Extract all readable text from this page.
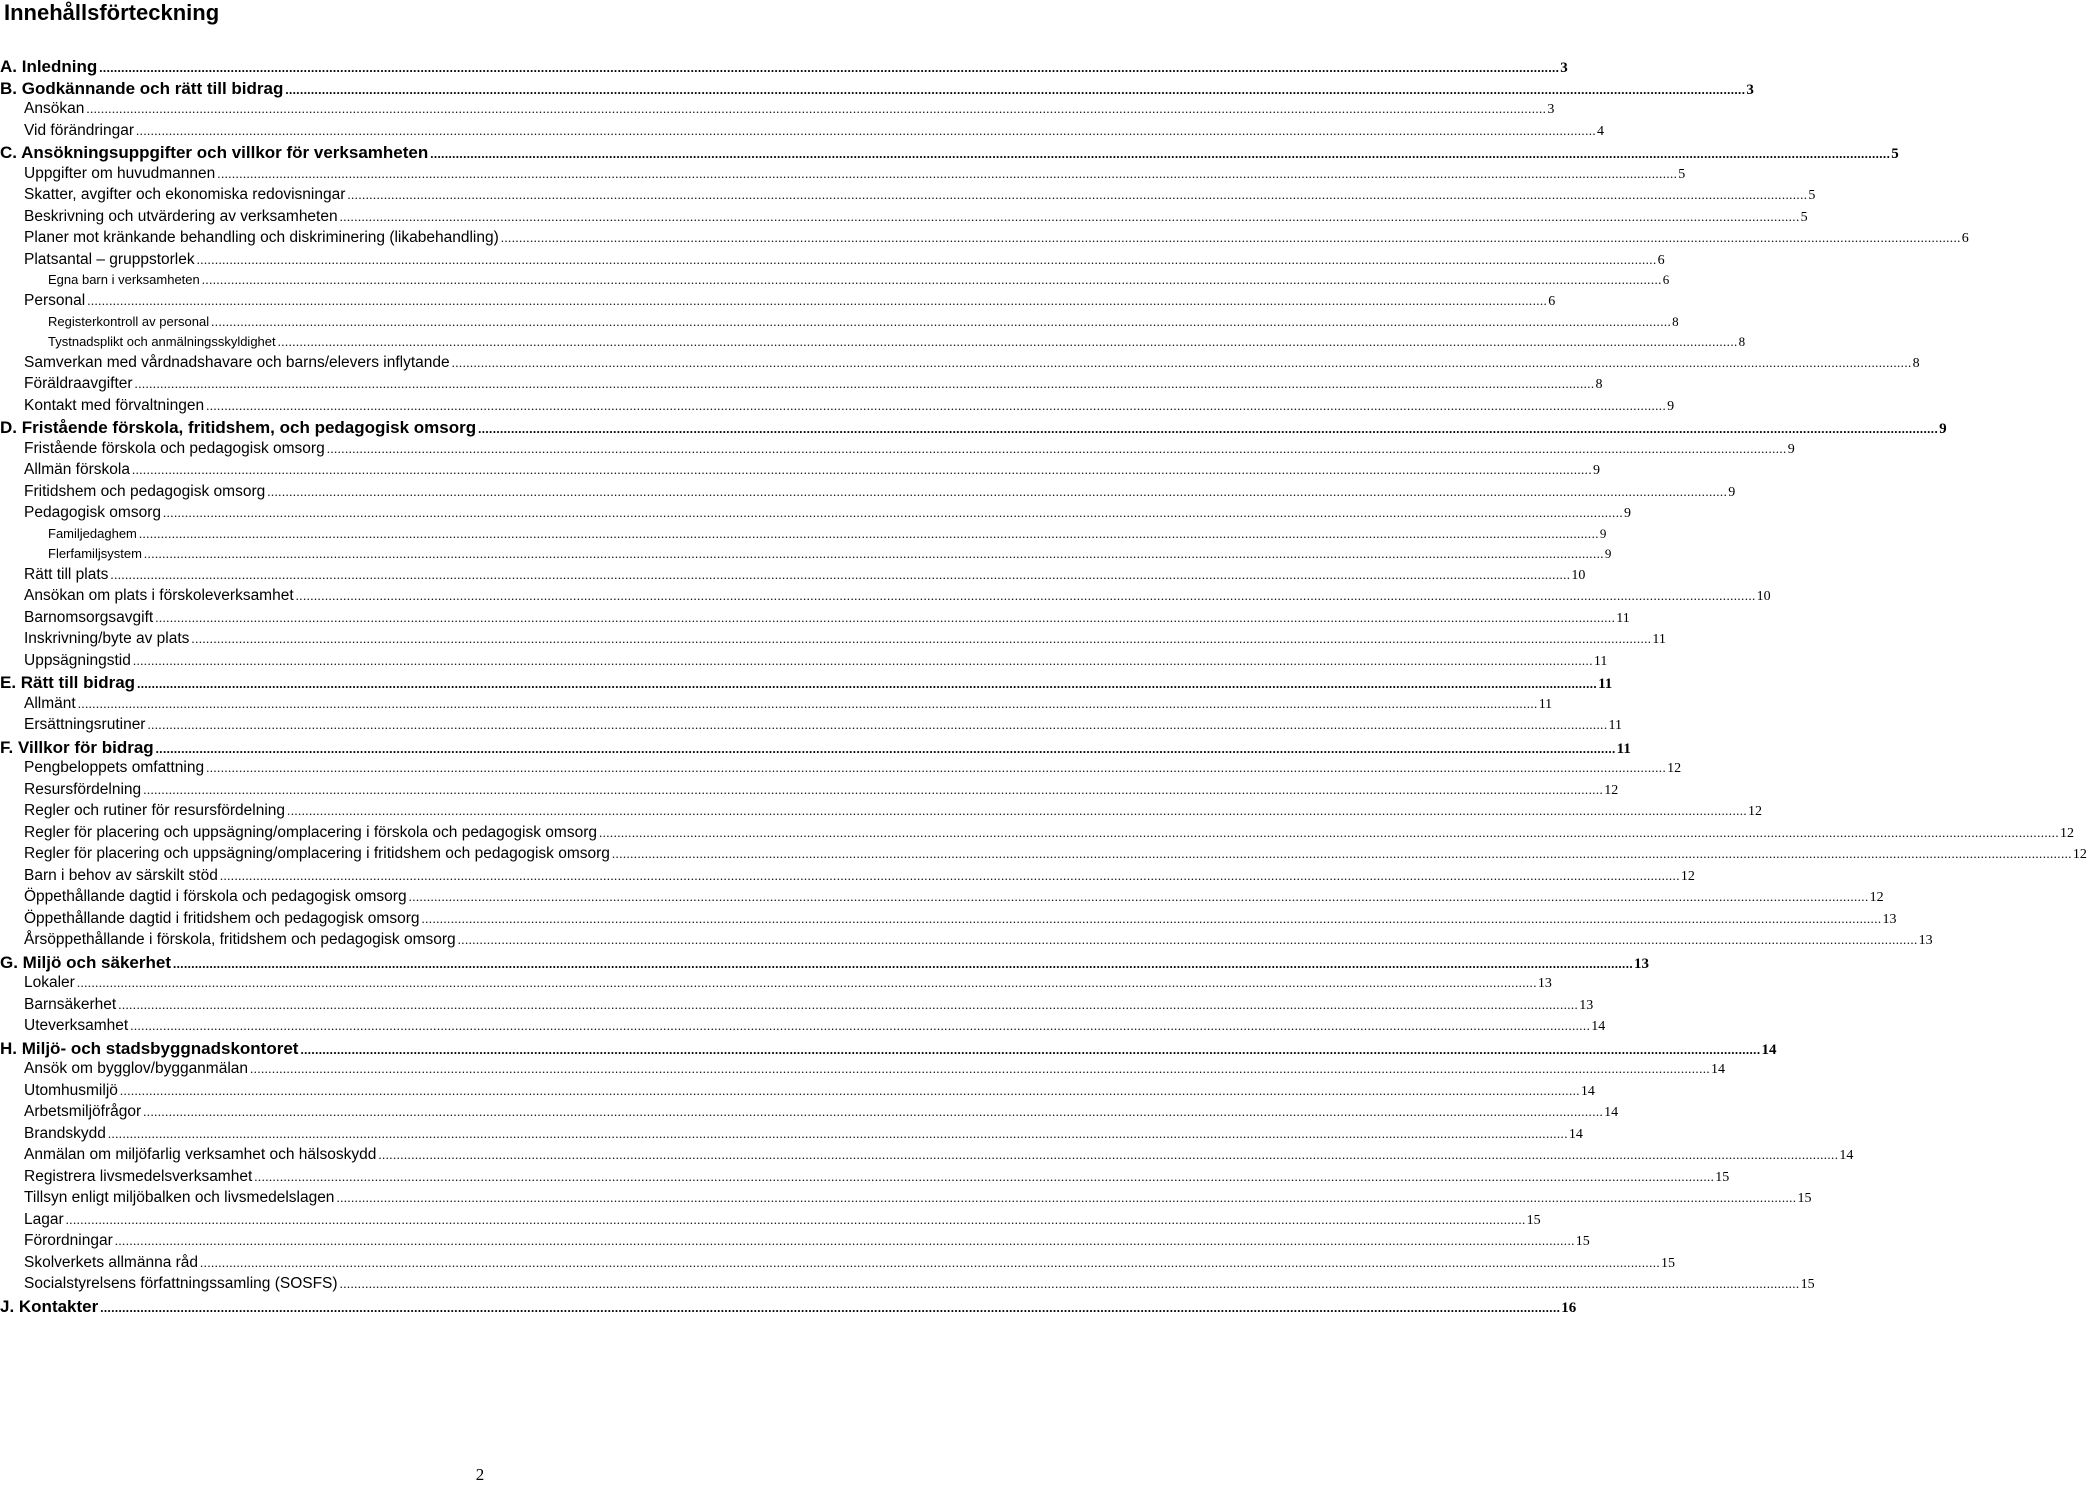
Innehållsförteckning
A. Inledning ................................................................................................................................................................................................................................................................................................................................................................................................................ 3
B. Godkännande och rätt till bidrag ................................................................................................................................................................................................................................................................................................................................................................................................................ 3
Ansökan ................................................................................................................................................................................................................................................................................................................................................................................................................ 3
Vid förändringar ................................................................................................................................................................................................................................................................................................................................................................................................................ 4
C. Ansökningsuppgifter och villkor för verksamheten ................................................................................................................................................................................................................................................................................................................................................................................................................ 5
Uppgifter om huvudmannen ................................................................................................................................................................................................................................................................................................................................................................................................................ 5
Skatter, avgifter och ekonomiska redovisningar ................................................................................................................................................................................................................................................................................................................................................................................................................ 5
Beskrivning och utvärdering av verksamheten ................................................................................................................................................................................................................................................................................................................................................................................................................ 5
Planer mot kränkande behandling och diskriminering (likabehandling) ................................................................................................................................................................................................................................................................................................................................................................................................................ 6
Platsantal – gruppstorlek ................................................................................................................................................................................................................................................................................................................................................................................................................ 6
Egna barn i verksamheten ................................................................................................................................................................................................................................................................................................................................................................................................................ 6
Personal ................................................................................................................................................................................................................................................................................................................................................................................................................ 6
Registerkontroll av personal ................................................................................................................................................................................................................................................................................................................................................................................................................ 8
Tystnadsplikt och anmälningsskyldighet ................................................................................................................................................................................................................................................................................................................................................................................................................ 8
Samverkan med vårdnadshavare och barns/elevers inflytande ................................................................................................................................................................................................................................................................................................................................................................................................................ 8
Föräldraavgifter ................................................................................................................................................................................................................................................................................................................................................................................................................ 8
Kontakt med förvaltningen ................................................................................................................................................................................................................................................................................................................................................................................................................ 9
D. Fristående förskola, fritidshem, och pedagogisk omsorg ................................................................................................................................................................................................................................................................................................................................................................................................................ 9
Fristående förskola och pedagogisk omsorg ................................................................................................................................................................................................................................................................................................................................................................................................................ 9
Allmän förskola ................................................................................................................................................................................................................................................................................................................................................................................................................ 9
Fritidshem och pedagogisk omsorg ................................................................................................................................................................................................................................................................................................................................................................................................................ 9
Pedagogisk omsorg ................................................................................................................................................................................................................................................................................................................................................................................................................ 9
Familjedaghem ................................................................................................................................................................................................................................................................................................................................................................................................................ 9
Flerfamiljsystem ................................................................................................................................................................................................................................................................................................................................................................................................................ 9
Rätt till plats ................................................................................................................................................................................................................................................................................................................................................................................................................ 10
Ansökan om plats i förskoleverksamhet ................................................................................................................................................................................................................................................................................................................................................................................................................ 10
Barnomsorgsavgift ................................................................................................................................................................................................................................................................................................................................................................................................................ 11
Inskrivning/byte av plats ................................................................................................................................................................................................................................................................................................................................................................................................................ 11
Uppsägningstid ................................................................................................................................................................................................................................................................................................................................................................................................................ 11
E. Rätt till bidrag ................................................................................................................................................................................................................................................................................................................................................................................................................ 11
Allmänt ................................................................................................................................................................................................................................................................................................................................................................................................................ 11
Ersättningsrutiner ................................................................................................................................................................................................................................................................................................................................................................................................................ 11
F. Villkor för bidrag ................................................................................................................................................................................................................................................................................................................................................................................................................ 11
Pengbeloppets omfattning ................................................................................................................................................................................................................................................................................................................................................................................................................ 12
Resursfördelning ................................................................................................................................................................................................................................................................................................................................................................................................................ 12
Regler och rutiner för resursfördelning ................................................................................................................................................................................................................................................................................................................................................................................................................ 12
Regler för placering och uppsägning/omplacering i förskola och pedagogisk omsorg ................................................................................................................................................................................................................................................................................................................................................................................................................ 12
Regler för placering och uppsägning/omplacering i fritidshem och pedagogisk omsorg ................................................................................................................................................................................................................................................................................................................................................................................................................ 12
Barn i behov av särskilt stöd ................................................................................................................................................................................................................................................................................................................................................................................................................ 12
Öppethållande dagtid i förskola och pedagogisk omsorg ................................................................................................................................................................................................................................................................................................................................................................................................................ 12
Öppethållande dagtid i fritidshem och pedagogisk omsorg ................................................................................................................................................................................................................................................................................................................................................................................................................ 13
Årsöppethållande i förskola, fritidshem och pedagogisk omsorg ................................................................................................................................................................................................................................................................................................................................................................................................................ 13
G. Miljö och säkerhet ................................................................................................................................................................................................................................................................................................................................................................................................................ 13
Lokaler ................................................................................................................................................................................................................................................................................................................................................................................................................ 13
Barnsäkerhet ................................................................................................................................................................................................................................................................................................................................................................................................................ 13
Uteverksamhet ................................................................................................................................................................................................................................................................................................................................................................................................................ 14
H. Miljö- och stadsbyggnadskontoret ................................................................................................................................................................................................................................................................................................................................................................................................................ 14
Ansök om bygglov/bygganmälan ................................................................................................................................................................................................................................................................................................................................................................................................................ 14
Utomhusmiljö ................................................................................................................................................................................................................................................................................................................................................................................................................ 14
Arbetsmiljöfrågor ................................................................................................................................................................................................................................................................................................................................................................................................................ 14
Brandskydd ................................................................................................................................................................................................................................................................................................................................................................................................................ 14
Anmälan om miljöfarlig verksamhet och hälsoskydd ................................................................................................................................................................................................................................................................................................................................................................................................................ 14
Registrera livsmedelsverksamhet ................................................................................................................................................................................................................................................................................................................................................................................................................ 15
Tillsyn enligt miljöbalken och livsmedelslagen ................................................................................................................................................................................................................................................................................................................................................................................................................ 15
Lagar ................................................................................................................................................................................................................................................................................................................................................................................................................ 15
Förordningar ................................................................................................................................................................................................................................................................................................................................................................................................................ 15
Skolverkets allmänna råd ................................................................................................................................................................................................................................................................................................................................................................................................................ 15
Socialstyrelsens författningssamling (SOSFS) ................................................................................................................................................................................................................................................................................................................................................................................................................ 15
J. Kontakter ................................................................................................................................................................................................................................................................................................................................................................................................................ 16
2
